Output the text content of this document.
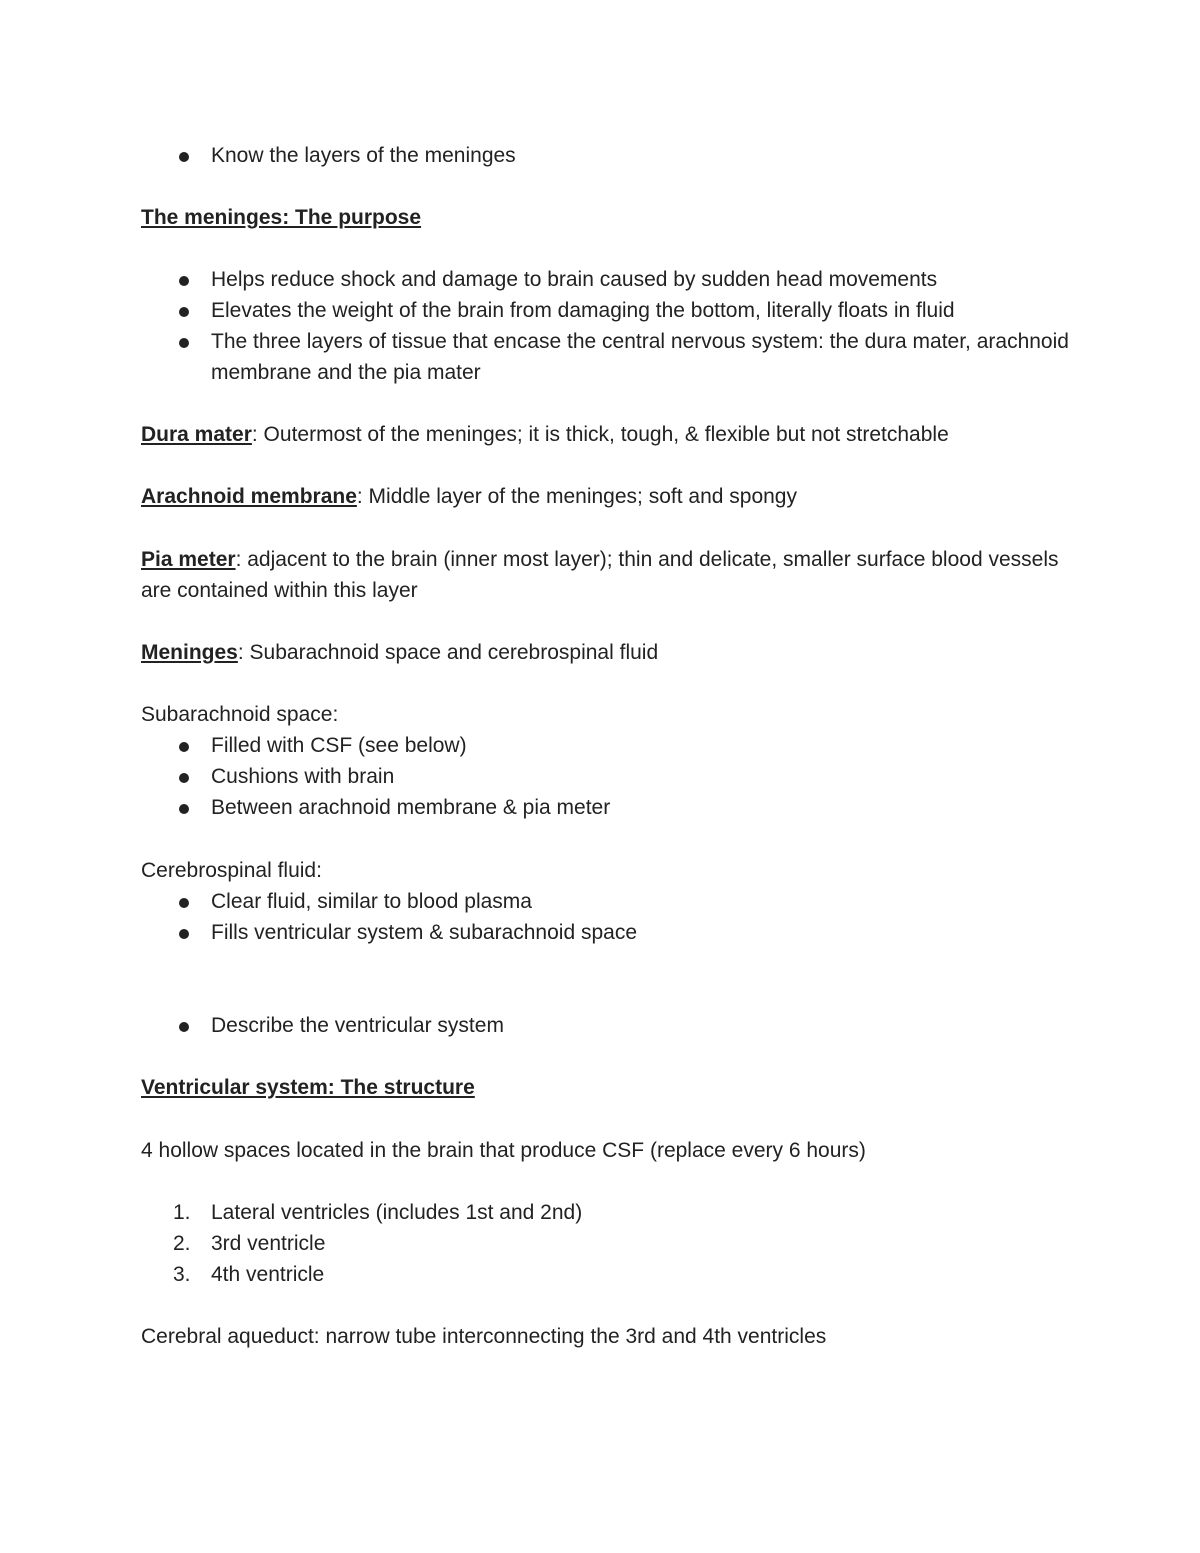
Know the layers of the meninges
The meninges: The purpose
Helps reduce shock and damage to brain caused by sudden head movements
Elevates the weight of the brain from damaging the bottom, literally floats in fluid
The three layers of tissue that encase the central nervous system: the dura mater, arachnoid
membrane and the pia mater
Dura mater: Outermost of the meninges; it is thick, tough, & flexible but not stretchable
Arachnoid membrane: Middle layer of the meninges; soft and spongy
Pia meter: adjacent to the brain (inner most layer); thin and delicate, smaller surface blood vessels
are contained within this layer
Meninges: Subarachnoid space and cerebrospinal fluid
Subarachnoid space:
Filled with CSF (see below)
Cushions with brain
Between arachnoid membrane & pia meter
Cerebrospinal fluid:
Clear fluid, similar to blood plasma
Fills ventricular system & subarachnoid space
Describe the ventricular system
Ventricular system: The structure
4 hollow spaces located in the brain that produce CSF (replace every 6 hours)
1. Lateral ventricles (includes 1st and 2nd)
2. 3rd ventricle
3. 4th ventricle
Cerebral aqueduct: narrow tube interconnecting the 3rd and 4th ventricles
